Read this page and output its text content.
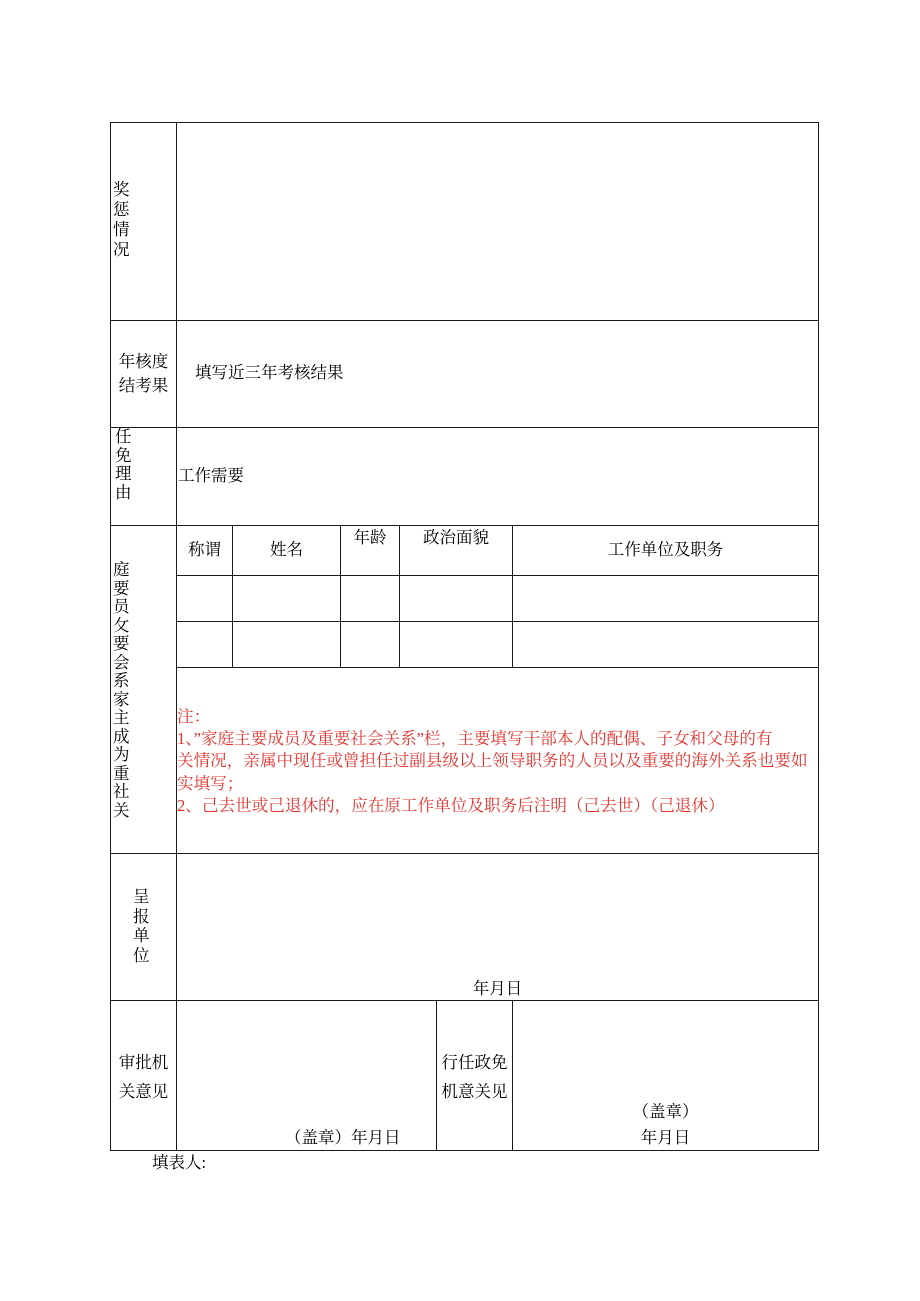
奖惩情况
年核度
结考果
填写近三年考核结果
任免理由
工作需要
庭要员攵要会系家主成为重社关
称谓	姓名
年龄	政治面貌
工作单位及职务
注：
1、”家庭主要成员及重要社会关系”栏，主要填写干部本人的配偶、子女和父母的有
关情况，亲属中现任或曾担任过副县级以上领导职务的人员以及重要的海外关系也要如
实填写；
2、己去世或己退休的，应在原工作单位及职务后注明（己去世）（己退休）
呈报单位
年月日
审批机
关意见
（盖章）年月日
行任政免
机意关见
（盖章）
年月日
填表人:
